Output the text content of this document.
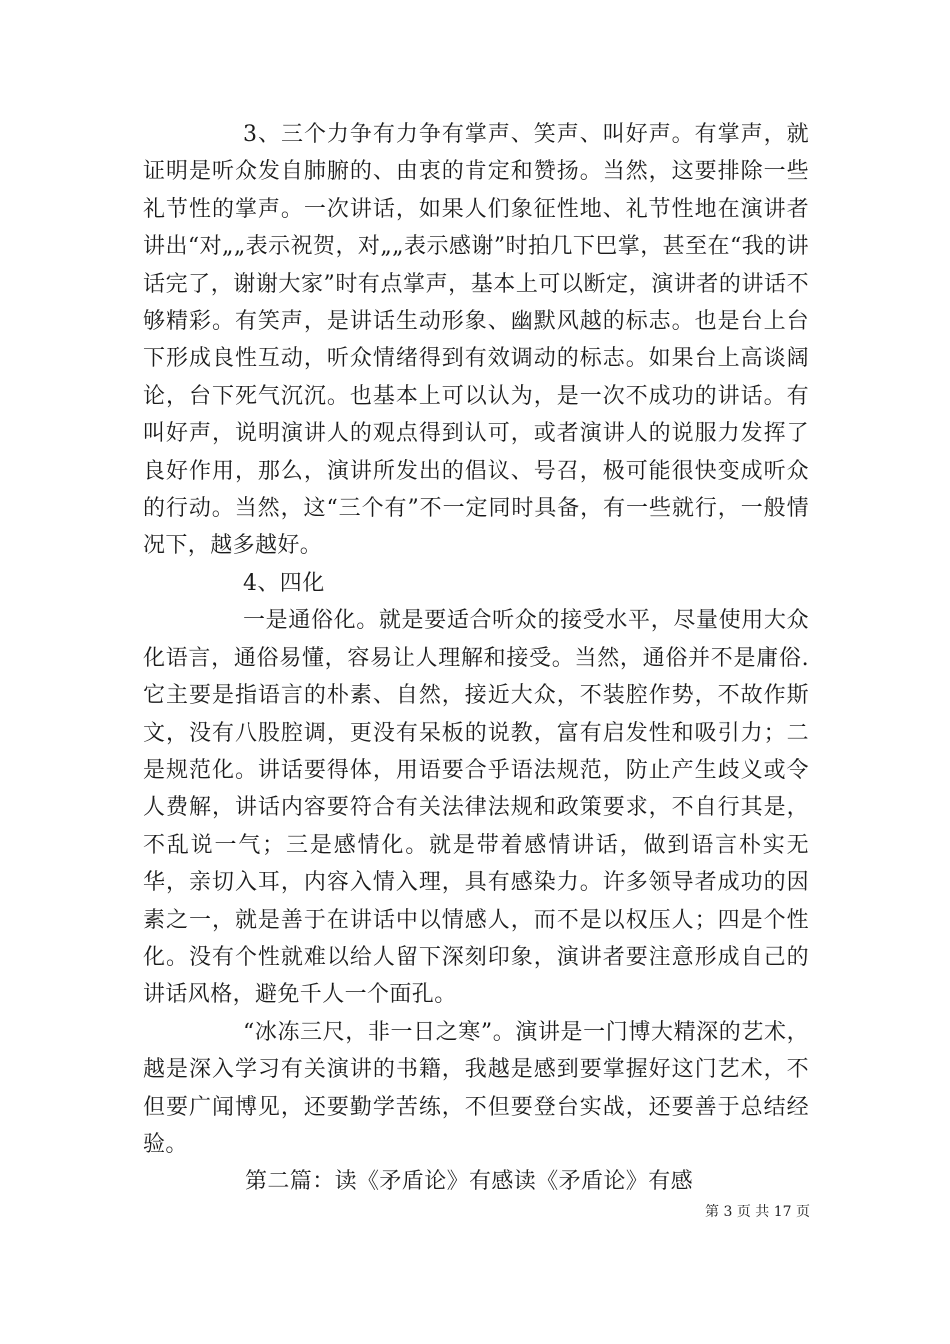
3、三个力争有力争有掌声、笑声、叫好声。有掌声，就证明是听众发自肺腑的、由衷的肯定和赞扬。当然，这要排除一些礼节性的掌声。一次讲话，如果人们象征性地、礼节性地在演讲者讲出“对„„表示祝贺，对„„表示感谢”时拍几下巴掌，甚至在“我的讲话完了，谢谢大家”时有点掌声，基本上可以断定，演讲者的讲话不够精彩。有笑声，是讲话生动形象、幽默风越的标志。也是台上台下形成良性互动，听众情绪得到有效调动的标志。如果台上高谈阔论，台下死气沉沉。也基本上可以认为，是一次不成功的讲话。有叫好声，说明演讲人的观点得到认可，或者演讲人的说服力发挥了良好作用，那么，演讲所发出的倡议、号召，极可能很快变成听众的行动。当然，这“三个有”不一定同时具备，有一些就行，一般情况下，越多越好。

4、四化

一是通俗化。就是要适合听众的接受水平，尽量使用大众化语言，通俗易懂，容易让人理解和接受。当然，通俗并不是庸俗.它主要是指语言的朴素、自然，接近大众，不装腔作势，不故作斯文，没有八股腔调，更没有呆板的说教，富有启发性和吸引力；二是规范化。讲话要得体，用语要合乎语法规范，防止产生歧义或令人费解，讲话内容要符合有关法律法规和政策要求，不自行其是，不乱说一气；三是感情化。就是带着感情讲话，做到语言朴实无华，亲切入耳，内容入情入理，具有感染力。许多领导者成功的因素之一，就是善于在讲话中以情感人，而不是以权压人；四是个性化。没有个性就难以给人留下深刻印象，演讲者要注意形成自己的讲话风格，避免千人一个面孔。

“冰冻三尺，非一日之寒”。演讲是一门博大精深的艺术，越是深入学习有关演讲的书籍，我越是感到要掌握好这门艺术，不但要广闻博见，还要勤学苦练，不但要登台实战，还要善于总结经验。

第二篇：读《矛盾论》有感读《矛盾论》有感

第 3 页 共 17 页
